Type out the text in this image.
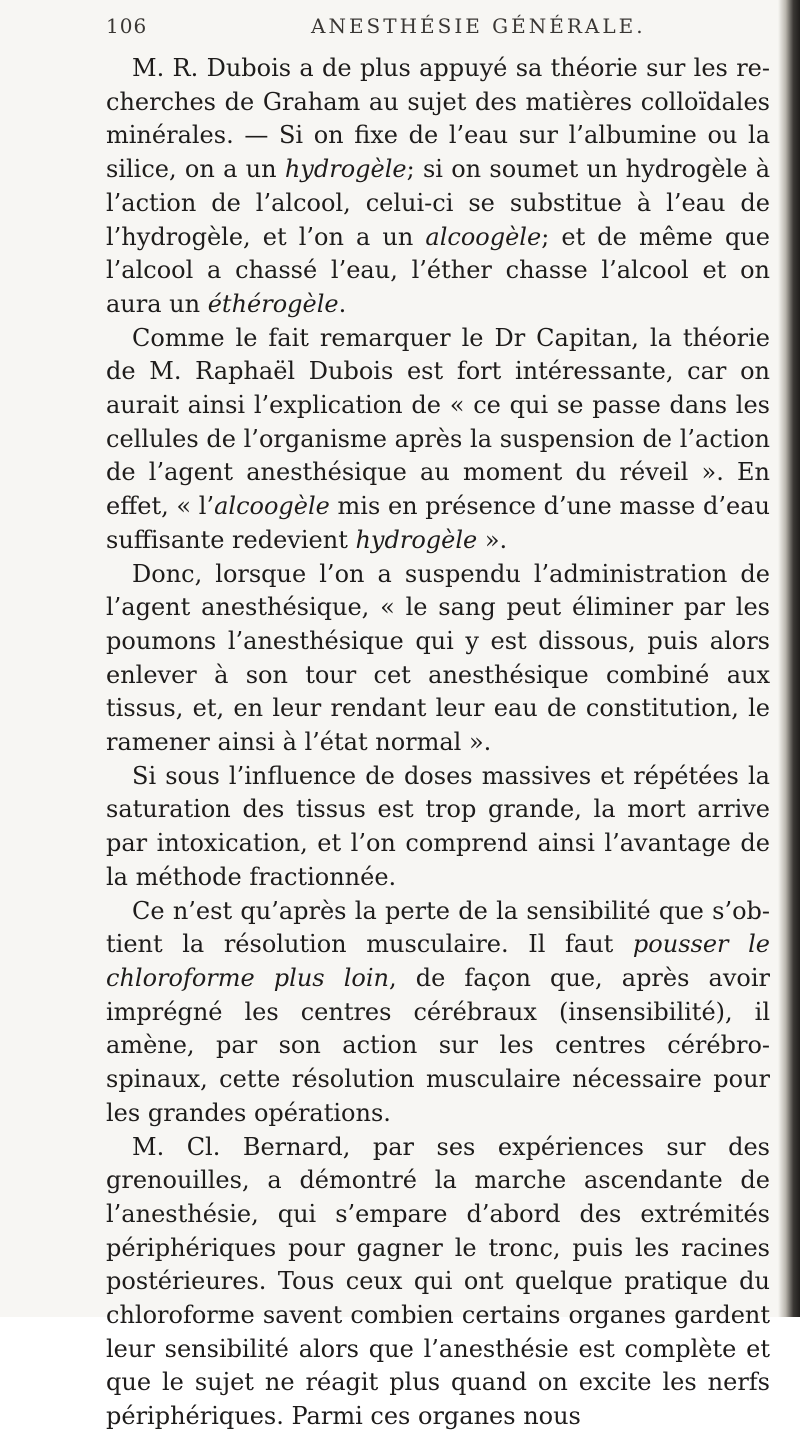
106	ANESTHÉSIE GÉNÉRALE.

M. R. Dubois a de plus appuyé sa théorie sur les recherches de Graham au sujet des matières colloïdales minérales. — Si on fixe de l’eau sur l’albumine ou la silice, on a un hydrogèle; si on soumet un hydrogèle à l’action de l’alcool, celui-ci se substitue à l’eau de l’hydrogèle, et l’on a un alcoogèle; et de même que l’alcool a chassé l’eau, l’éther chasse l’alcool et on aura un éthérogèle.

Comme le fait remarquer le Dr Capitan, la théorie de M. Raphaël Dubois est fort intéressante, car on aurait ainsi l’explication de « ce qui se passe dans les cellules de l’organisme après la suspension de l’action de l’agent anesthésique au moment du réveil ». En effet, « l’alcoogèle mis en présence d’une masse d’eau suffisante redevient hydrogèle ».

Donc, lorsque l’on a suspendu l’administration de l’agent anesthésique, « le sang peut éliminer par les poumons l’anesthésique qui y est dissous, puis alors enlever à son tour cet anesthésique combiné aux tissus, et, en leur rendant leur eau de constitution, le ramener ainsi à l’état normal ».

Si sous l’influence de doses massives et répétées la saturation des tissus est trop grande, la mort arrive par intoxication, et l’on comprend ainsi l’avantage de la méthode fractionnée.

Ce n’est qu’après la perte de la sensibilité que s’obtient la résolution musculaire. Il faut pousser le chloroforme plus loin, de façon que, après avoir imprégné les centres cérébraux (insensibilité), il amène, par son action sur les centres cérébro-spinaux, cette résolution musculaire nécessaire pour les grandes opérations.

M. Cl. Bernard, par ses expériences sur des grenouilles, a démontré la marche ascendante de l’anesthésie, qui s’empare d’abord des extrémités périphériques pour gagner le tronc, puis les racines postérieures. Tous ceux qui ont quelque pratique du chloroforme savent combien certains organes gardent leur sensibilité alors que l’anesthésie est complète et que le sujet ne réagit plus quand on excite les nerfs périphériques. Parmi ces organes nous
